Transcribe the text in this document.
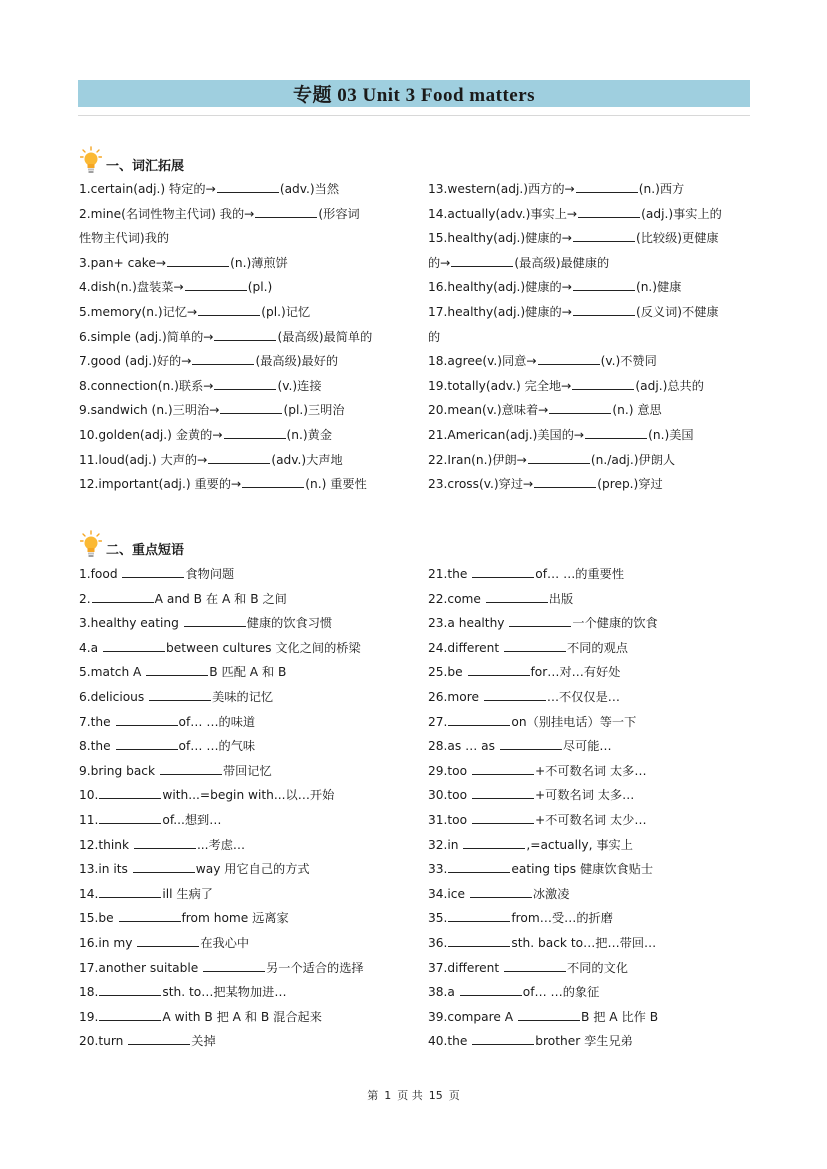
专题 03 Unit 3 Food matters
一、词汇拓展
1.certain(adj.) 特定的→	(adv.)当然
2.mine(名词性物主代词) 我的→	(形容词
性物主代词)我的
3.pan+ cake→	(n.)薄煎饼
4.dish(n.)盘装菜→	(pl.)
5.memory(n.)记忆→	(pl.)记忆
6.simple (adj.)简单的→	(最高级)最简单的
7.good (adj.)好的→	(最高级)最好的
8.connection(n.)联系→	(v.)连接
9.sandwich (n.)三明治→	(pl.)三明治
10.golden(adj.) 金黄的→	(n.)黄金
11.loud(adj.) 大声的→	(adv.)大声地
12.important(adj.) 重要的→	(n.) 重要性
13.western(adj.)西方的→	(n.)西方
14.actually(adv.)事实上→	(adj.)事实上的
15.healthy(adj.)健康的→	(比较级)更健康
的→	(最高级)最健康的
16.healthy(adj.)健康的→	(n.)健康
17.healthy(adj.)健康的→	(反义词)不健康
的
18.agree(v.)同意→	(v.)不赞同
19.totally(adv.) 完全地→	(adj.)总共的
20.mean(v.)意味着→	(n.) 意思
21.American(adj.)美国的→	(n.)美国
22.Iran(n.)伊朗→	(n./adj.)伊朗人
23.cross(v.)穿过→	(prep.)穿过
二、重点短语
1.food	食物问题
2.	A and B 在 A 和 B 之间
3.healthy eating	健康的饮食习惯
4.a	between cultures 文化之间的桥梁
5.match A	B 匹配 A 和 B
6.delicious	美味的记忆
7.the	of… …的味道
8.the	of… …的气味
9.bring back	带回记忆
10.	with...=begin with...以…开始
11.	of...想到…
12.think	...考虑…
13.in its	way 用它自己的方式
14.	ill 生病了
15.be	from home 远离家
16.in my	在我心中
17.another suitable	另一个适合的选择
18.	sth. to…把某物加进…
19.	A with B 把 A 和 B 混合起来
20.turn	关掉
21.the	of… …的重要性
22.come	出版
23.a healthy	一个健康的饮食
24.different	不同的观点
25.be	for…对…有好处
26.more	…不仅仅是…
27.	on（别挂电话）等一下
28.as … as	尽可能…
29.too	+不可数名词 太多…
30.too	+可数名词 太多…
31.too	+不可数名词 太少…
32.in	,=actually, 事实上
33.	eating tips 健康饮食贴士
34.ice	冰激凌
35.	from…受…的折磨
36.	sth. back to…把…带回…
37.different	不同的文化
38.a	of… …的象征
39.compare A	B 把 A 比作 B
40.the	brother 孪生兄弟
第 1 页 共 15 页
